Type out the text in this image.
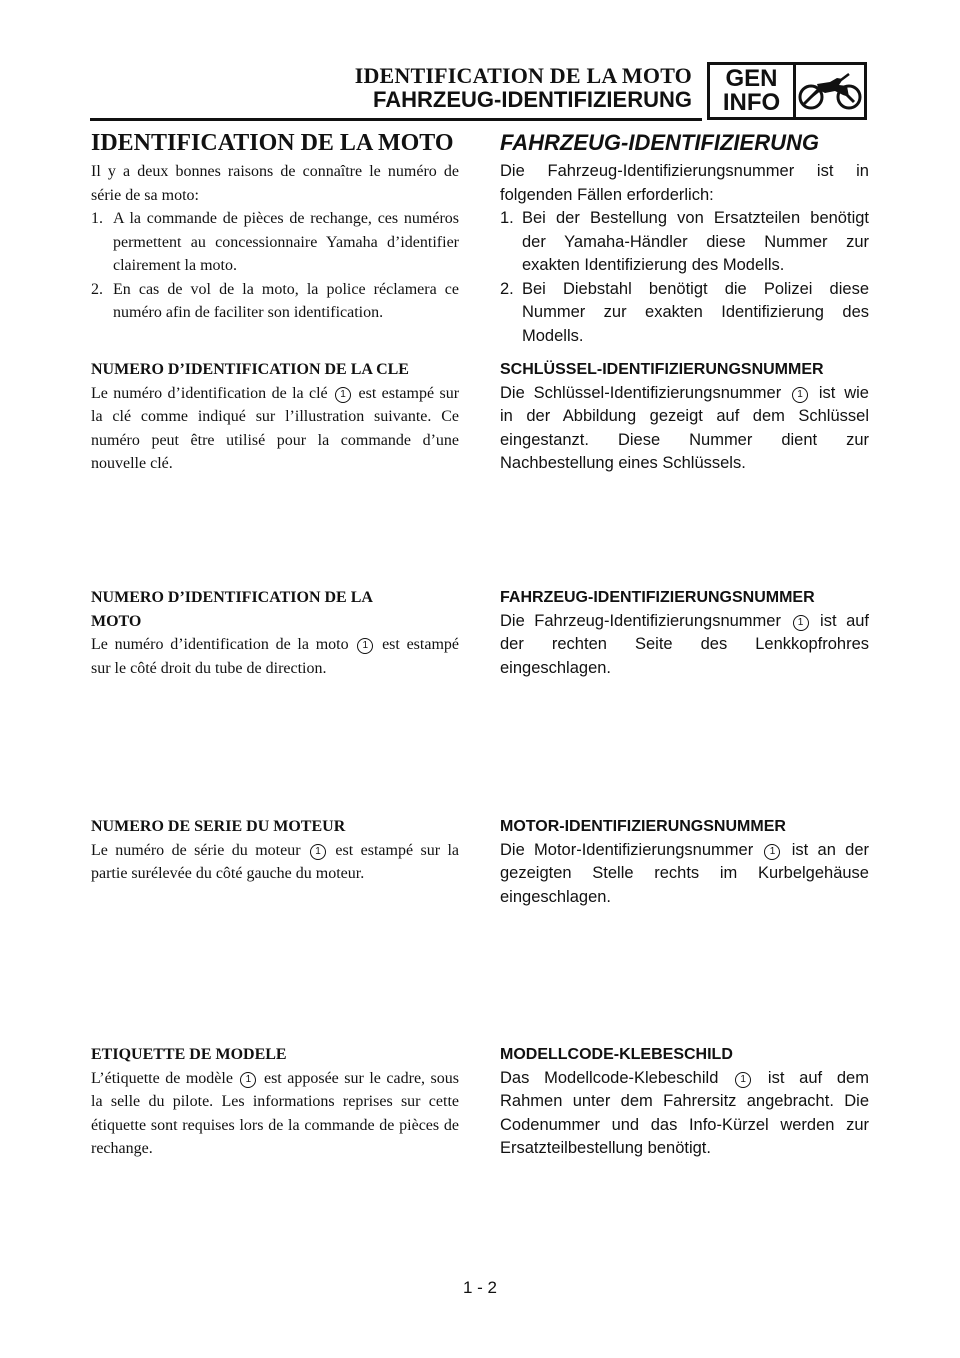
IDENTIFICATION DE LA MOTO
FAHRZEUG-IDENTIFIZIERUNG
GEN
INFO
IDENTIFICATION DE LA MOTO

Il y a deux bonnes raisons de connaître le numéro de série de sa moto:

1. A la commande de pièces de rechange, ces numéros permettent au concessionnaire Yamaha d’identifier clairement la moto.
2. En cas de vol de la moto, la police réclamera ce numéro afin de faciliter son identification.
NUMERO D’IDENTIFICATION DE LA CLE

Le numéro d’identification de la clé 1 est estampé sur la clé comme indiqué sur l’illustration suivante. Ce numéro peut être utilisé pour la commande d’une nouvelle clé.

NUMERO D’IDENTIFICATION DE LA MOTO

Le numéro d’identification de la moto 1 est estampé sur le côté droit du tube de direction.

NUMERO DE SERIE DU MOTEUR

Le numéro de série du moteur 1 est estampé sur la partie surélevée du côté gauche du moteur.

ETIQUETTE DE MODELE

L’étiquette de modèle 1 est apposée sur le cadre, sous la selle du pilote. Les informations reprises sur cette étiquette sont requises lors de la commande de pièces de rechange.

FAHRZEUG-IDENTIFIZIERUNG

Die Fahrzeug-Identifizierungsnummer ist in folgenden Fällen erforderlich:

1. Bei der Bestellung von Ersatzteilen benötigt der Yamaha-Händler diese Nummer zur exakten Identifizierung des Modells.
2. Bei Diebstahl benötigt die Polizei diese Nummer zur exakten Identifizierung des Modells.
SCHLÜSSEL-IDENTIFIZIERUNGSNUMMER

Die Schlüssel-Identifizierungsnummer 1 ist wie in der Abbildung gezeigt auf dem Schlüssel eingestanzt. Diese Nummer dient zur Nachbestellung eines Schlüssels.

FAHRZEUG-IDENTIFIZIERUNGSNUMMER

Die Fahrzeug-Identifizierungsnummer 1 ist auf der rechten Seite des Lenkkopfrohres eingeschlagen.

MOTOR-IDENTIFIZIERUNGSNUMMER

Die Motor-Identifizierungsnummer 1 ist an der gezeigten Stelle rechts im Kurbelgehäuse eingeschlagen.

MODELLCODE-KLEBESCHILD

Das Modellcode-Klebeschild 1 ist auf dem Rahmen unter dem Fahrersitz angebracht. Die Codenummer und das Info-Kürzel werden zur Ersatzteilbestellung benötigt.

1 - 2
